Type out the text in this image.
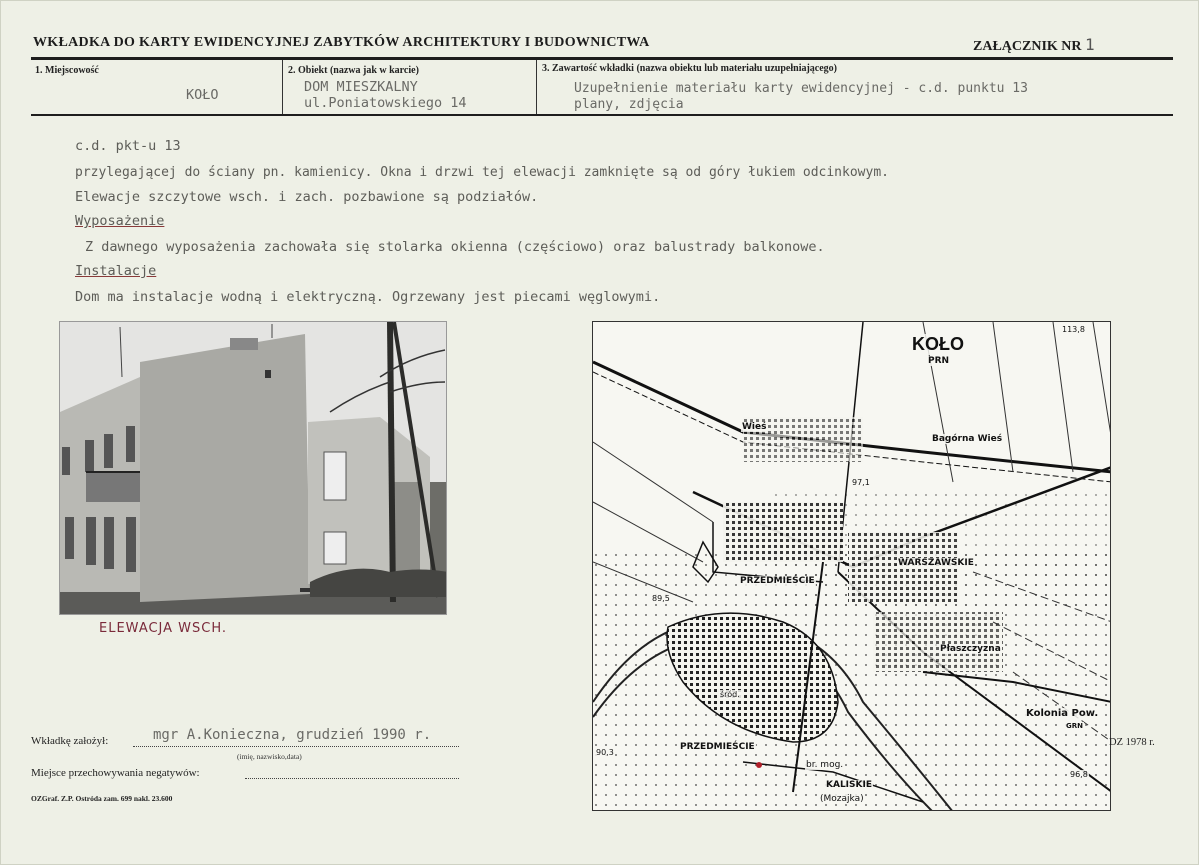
WKŁADKA DO KARTY EWIDENCYJNEJ ZABYTKÓW ARCHITEKTURY I BUDOWNICTWA	ZAŁĄCZNIK NR 1
1. Miejscowość
KOŁO
2. Obiekt (nazwa jak w karcie)
DOM MIESZKALNY
ul.Poniatowskiego 14
3. Zawartość wkładki (nazwa obiektu lub materiału uzupełniającego)
Uzupełnienie materiału karty ewidencyjnej - c.d. punktu 13
plany, zdjęcia
c.d. pkt-u 13
przylegającej do ściany pn. kamienicy. Okna i drzwi tej elewacji zamknięte są od góry łukiem odcinkowym.
Elewacje szczytowe wsch. i zach. pozbawione są podziałów.
Wyposażenie
Z dawnego wyposażenia zachowała się stolarka okienna (częściowo) oraz balustrady balkonowe.
Instalacje
Dom ma instalacje wodną i elektryczną. Ogrzewany jest piecami węglowymi.
ELEWACJA WSCH.
KOŁO
PRN
113,8
Wieś
Bagórna Wieś
97,1
WARSZAWSKIE
PRZEDMIEŚCIE
89,5
Płaszczyzna
Kolonia Pow.
GRN
śród.
PRZEDMIEŚCIE
90,3
br. mog.
KALISKIE
(Mozajka)
96,8
DZ 1978 r.
Wkładkę założył:	mgr A.Konieczna, grudzień 1990 r.
(imię, nazwisko,data)
Miejsce przechowywania negatywów:
OZGraf. Z.P. Ostróda zam. 699 nakl. 23.600
